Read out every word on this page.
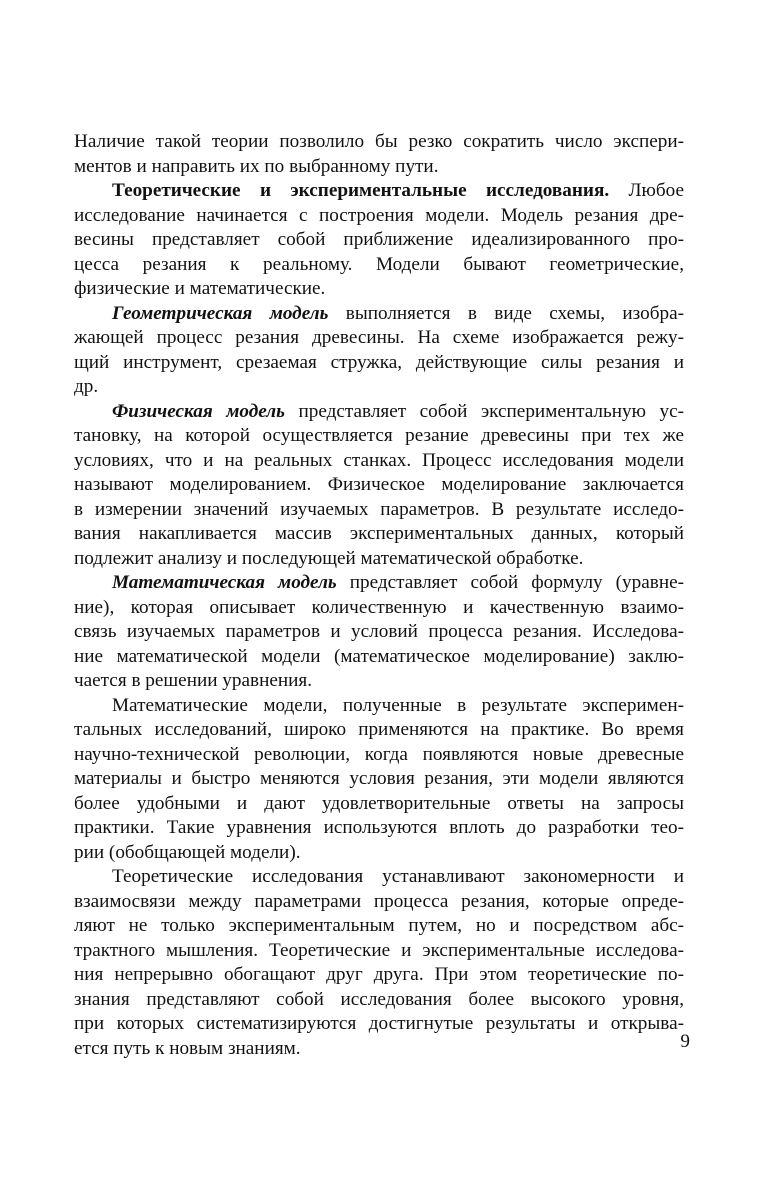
Наличие такой теории позволило бы резко сократить число экспери-
ментов и направить их по выбранному пути.
Теоретические и экспериментальные исследования. Любое
исследование начинается с построения модели. Модель резания дре-
весины представляет собой приближение идеализированного про-
цесса резания к реальному. Модели бывают геометрические,
физические и математические.
Геометрическая модель выполняется в виде схемы, изобра-
жающей процесс резания древесины. На схеме изображается режу-
щий инструмент, срезаемая стружка, действующие силы резания и
др.
Физическая модель представляет собой экспериментальную ус-
тановку, на которой осуществляется резание древесины при тех же
условиях, что и на реальных станках. Процесс исследования модели
называют моделированием. Физическое моделирование заключается
в измерении значений изучаемых параметров. В результате исследо-
вания накапливается массив экспериментальных данных, который
подлежит анализу и последующей математической обработке.
Математическая модель представляет собой формулу (уравне-
ние), которая описывает количественную и качественную взаимо-
связь изучаемых параметров и условий процесса резания. Исследова-
ние математической модели (математическое моделирование) заклю-
чается в решении уравнения.
Математические модели, полученные в результате эксперимен-
тальных исследований, широко применяются на практике. Во время
научно-технической революции, когда появляются новые древесные
материалы и быстро меняются условия резания, эти модели являются
более удобными и дают удовлетворительные ответы на запросы
практики. Такие уравнения используются вплоть до разработки тео-
рии (обобщающей модели).
Теоретические исследования устанавливают закономерности и
взаимосвязи между параметрами процесса резания, которые опреде-
ляют не только экспериментальным путем, но и посредством абс-
трактного мышления. Теоретические и экспериментальные исследова-
ния непрерывно обогащают друг друга. При этом теоретические по-
знания представляют собой исследования более высокого уровня,
при которых систематизируются достигнутые результаты и открыва-
ется путь к новым знаниям.	9
